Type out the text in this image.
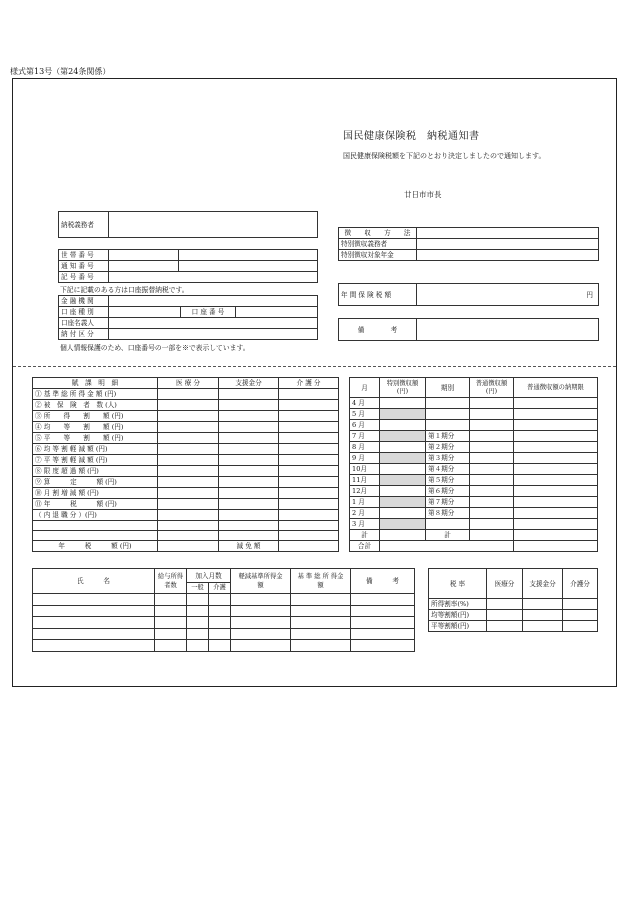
様式第13号（第24条関係）
国民健康保険税　納税通知書
国民健康保険税額を下記のとおり決定しましたので通知します。
廿日市市長
納税義務者	
世 帯 番 号		
通 知 番 号		
記 号 番 号		
下記に記載のある方は口座振替納税です。
金 融 機 関			
口 座 種 別		口 座 番 号	
口座名義人			
納 付 区 分			
個人情報保護のため、口座番号の一部を※で表示しています。
徴　　収　　方　　法	
特別徴収義務者	
特別徴収対象年金	
年 間 保 険 税 額	円
備　　　　考	
賦　課　明　細	医 療 分	支援金分	介 護 分
① 基 準 総 所 得 金 額 (円)			
② 被　保　険　者　数 (人)			
③ 所　　得　　割　　額 (円)			
④ 均　　等　　割　　額 (円)			
⑤ 平　　等　　割　　額 (円)			
⑥ 均 等 割 軽 減 額 (円)			
⑦ 平 等 割 軽 減 額 (円)			
⑧ 限 度 超 過 額 (円)			
⑨ 算　　　定　　　額 (円)			
⑩ 月 割 増 減 額 (円)			
⑪ 年　　　税　　　額 (円)			
（ 内 退 職 分 ）(円)			

年　　　税　　　額 (円)		減 免 額	
月	特別徴収額(円)	期別	普通徴収額(円)	普通徴収額の納期限
4 月				
5 月				
6 月				
7 月		第１期分		
8 月		第２期分		
9 月		第３期分		
10月		第４期分		
11月		第５期分		
12月		第６期分		
1 月		第７期分		
2 月		第８期分		
3 月				
計		計		
合計				
氏　　　名	給与所得者数	加入月数		軽減基準所得金　　　額	基 準 総 所 得金　　　額	備　　　考
		一般	介護			

							税 率	医療分	支援金分	介護分
所得割率(%)			
均等割額(円)			
平等割額(円)			
